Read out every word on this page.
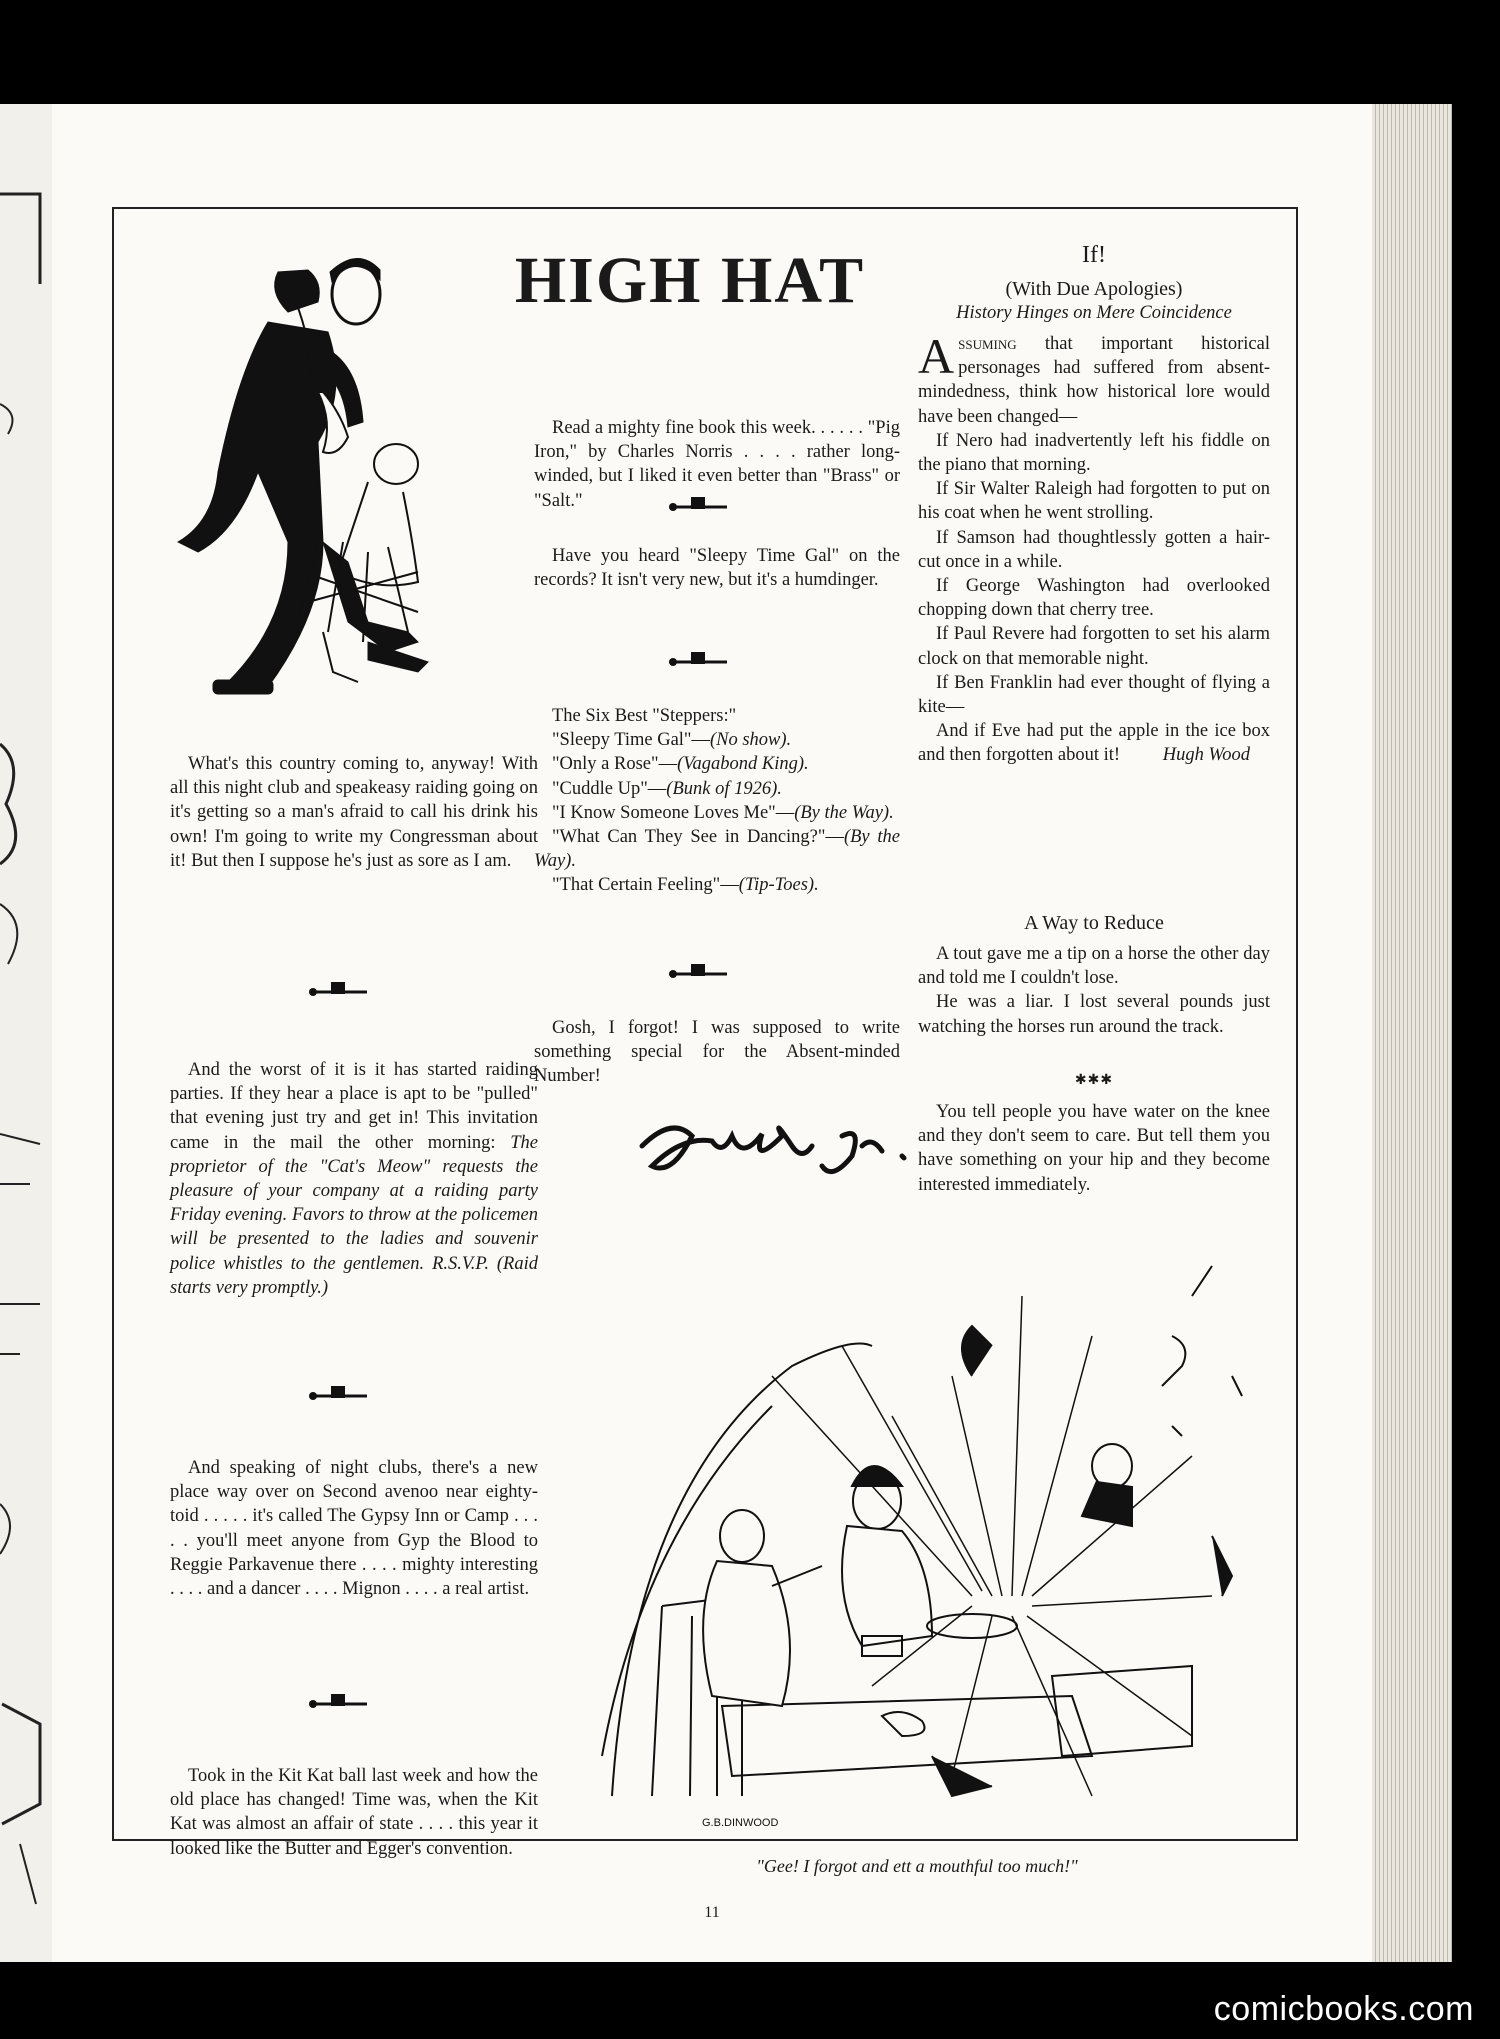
HIGH HAT

What's this country coming to, anyway! With all this night club and speakeasy raiding going on it's getting so a man's afraid to call his drink his own! I'm going to write my Congressman about it! But then I suppose he's just as sore as I am.

And the worst of it is it has started raiding parties. If they hear a place is apt to be "pulled" that evening just try and get in! This invitation came in the mail the other morning: The proprietor of the "Cat's Meow" requests the pleasure of your company at a raiding party Friday evening. Favors to throw at the policemen will be presented to the ladies and souvenir police whistles to the gentlemen. R.S.V.P. (Raid starts very promptly.)

And speaking of night clubs, there's a new place way over on Second avenoo near eighty-toid . . . . . it's called The Gypsy Inn or Camp . . . . . you'll meet anyone from Gyp the Blood to Reggie Parkavenue there . . . . mighty interesting . . . . and a dancer . . . . Mignon . . . . a real artist.

Took in the Kit Kat ball last week and how the old place has changed! Time was, when the Kit Kat was almost an affair of state . . . . this year it looked like the Butter and Egger's convention.

Read a mighty fine book this week. . . . . . "Pig Iron," by Charles Norris . . . . rather long-winded, but I liked it even better than "Brass" or "Salt."

Have you heard "Sleepy Time Gal" on the records? It isn't very new, but it's a humdinger.

The Six Best "Steppers:"

"Sleepy Time Gal"—(No show).

"Only a Rose"—(Vagabond King).

"Cuddle Up"—(Bunk of 1926).

"I Know Someone Loves Me"—(By the Way).

"What Can They See in Dancing?"—(By the Way).

"That Certain Feeling"—(Tip-Toes).

Gosh, I forgot! I was supposed to write something special for the Absent-minded Number!

If!
(With Due Apologies)
History Hinges on Mere Coincidence

Assuming that important historical personages had suffered from absent-mindedness, think how historical lore would have been changed—

If Nero had inadvertently left his fiddle on the piano that morning.

If Sir Walter Raleigh had forgotten to put on his coat when he went strolling.

If Samson had thoughtlessly gotten a hair-cut once in a while.

If George Washington had overlooked chopping down that cherry tree.

If Paul Revere had forgotten to set his alarm clock on that memorable night.

If Ben Franklin had ever thought of flying a kite—

And if Eve had put the apple in the ice box and then forgotten about it!	Hugh Wood

A Way to Reduce

A tout gave me a tip on a horse the other day and told me I couldn't lose.

He was a liar. I lost several pounds just watching the horses run around the track.

✱✱✱

You tell people you have water on the knee and they don't seem to care. But tell them you have something on your hip and they become interested immediately.

G.B.DINWOOD
"Gee! I forgot and ett a mouthful too much!"
11
comicbooks.com
